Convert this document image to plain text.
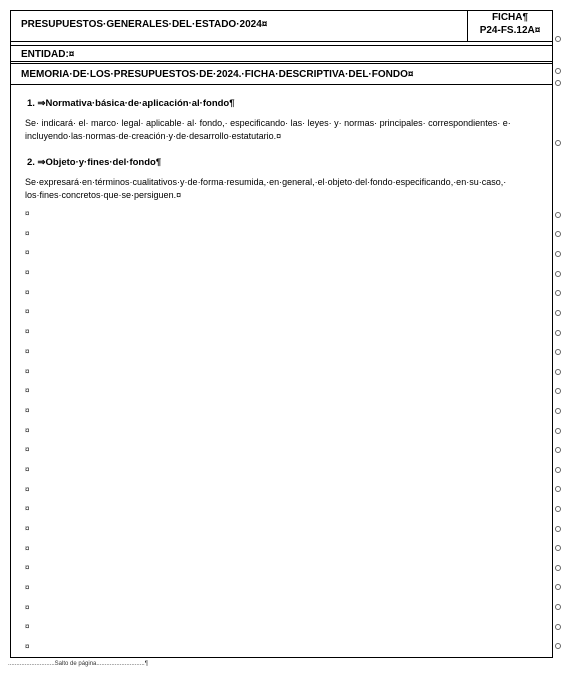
PRESUPUESTOS·GENERALES·DEL·ESTADO·2024¤
FICHA¶
P24-FS.12A¤
ENTIDAD:¤
MEMORIA·DE·LOS·PRESUPUESTOS·DE·2024.·FICHA·DESCRIPTIVA·DEL·FONDO¤
1. ⇒Normativa·básica·de·aplicación·al·fondo¶
Se· indicará· el· marco· legal· aplicable· al· fondo,· especificando· las· leyes· y· normas· principales· correspondientes· e·
incluyendo·las·normas·de·creación·y·de·desarrollo·estatutario.¤
2. ⇒Objeto·y·fines·del·fondo¶
Se·expresará·en·términos·cualitativos·y·de·forma·resumida,·en·general,·el·objeto·del·fondo·especificando,·en·su·caso,·
los·fines·concretos·que·se·persiguen.¤
¤
¤
¤
¤
¤
¤
¤
¤
¤
¤
¤
¤
¤
¤
¤
¤
¤
¤
¤
¤
¤
¤
¤
............................Salto de página.............................¶
